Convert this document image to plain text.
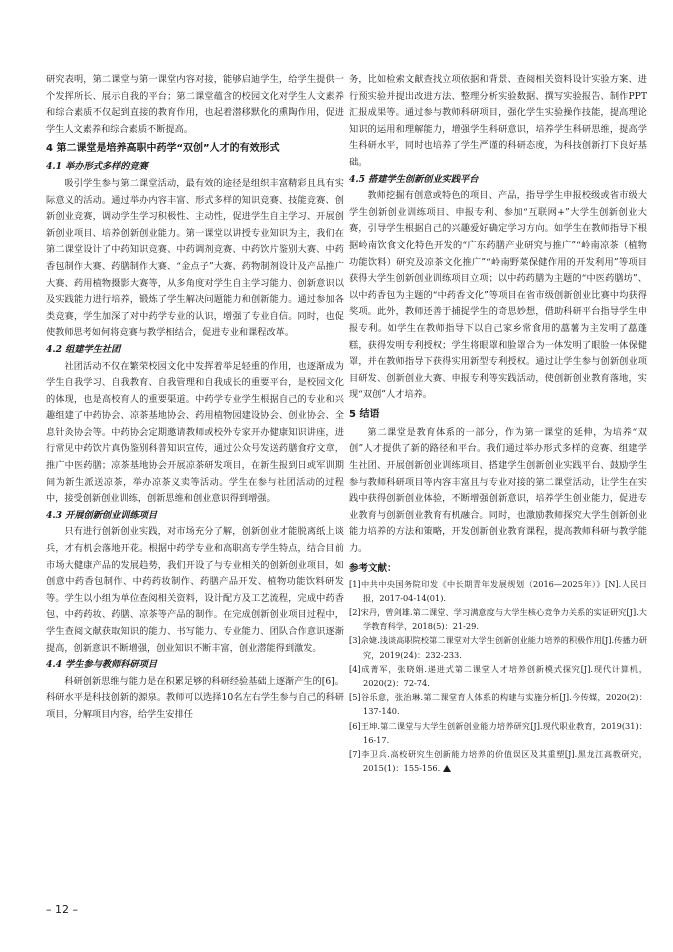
研究表明，第二课堂与第一课堂内容对接，能够启迪学生，给学生提供一个发挥所长、展示自我的平台；第二课堂蕴含的校园文化对学生人文素养和综合素质不仅起到直接的教育作用，也起着潜移默化的熏陶作用，促进学生人文素养和综合素质不断提高。

4 第二课堂是培养高职中药学“双创”人才的有效形式
4.1 举办形式多样的竞赛

吸引学生参与第二课堂活动，最有效的途径是组织丰富精彩且具有实际意义的活动。通过举办内容丰富、形式多样的知识竞赛、技能竞赛、创新创业竞赛，调动学生学习积极性、主动性，促进学生自主学习、开展创新创业项目、培养创新创业能力。第一课堂以讲授专业知识为主，我们在第二课堂设计了中药知识竞赛、中药调剂竞赛、中药饮片鉴别大赛、中药香包制作大赛、药膳制作大赛、“金点子”大赛、药物制剂设计及产品推广大赛、药用植物摄影大赛等，从多角度对学生自主学习能力、创新意识以及实践能力进行培养，锻炼了学生解决问题能力和创新能力。通过参加各类竞赛，学生加深了对中药学专业的认识，增强了专业自信。同时，也促使教师思考如何将竞赛与教学相结合，促进专业和课程改革。

4.2 组建学生社团

社团活动不仅在繁荣校园文化中发挥着举足轻重的作用，也逐渐成为学生自我学习、自我教育、自我管理和自我成长的重要平台，是校园文化的体现，也是高校育人的重要渠道。中药学专业学生根据自己的专业和兴趣组建了中药协会、凉茶基地协会、药用植物园建设协会、创业协会、全息针灸协会等。中药协会定期邀请教师或校外专家开办健康知识讲座，进行常见中药饮片真伪鉴别科普知识宣传，通过公众号发送药膳食疗文章，推广中医药膳；凉茶基地协会开展凉茶研发项目，在新生报到日或军训期间为新生派送凉茶，举办凉茶义卖等活动。学生在参与社团活动的过程中，接受创新创业训练，创新思维和创业意识得到增强。

4.3 开展创新创业训练项目

只有进行创新创业实践，对市场充分了解，创新创业才能脱离纸上谈兵，才有机会落地开花。根据中药学专业和高职高专学生特点，结合目前市场大健康产品的发展趋势，我们开设了与专业相关的创新创业项目，如创意中药香包制作、中药药妆制作、药膳产品开发、植物功能饮料研发等。学生以小组为单位查阅相关资料，设计配方及工艺流程，完成中药香包、中药药妆、药膳、凉茶等产品的制作。在完成创新创业项目过程中，学生查阅文献获取知识的能力、书写能力、专业能力、团队合作意识逐渐提高，创新意识不断增强，创业知识不断丰富，创业潜能得到激发。

4.4 学生参与教师科研项目

科研创新思维与能力是在积累足够的科研经验基础上逐渐产生的[6]。科研水平是科技创新的源泉。教师可以选择10名左右学生参与自己的科研项目，分解项目内容，给学生安排任

务，比如检索文献查找立项依据和背景、查阅相关资料设计实验方案、进行预实验并提出改进方法、整理分析实验数据、撰写实验报告、制作PPT汇报成果等。通过参与教师科研项目，强化学生实验操作技能，提高理论知识的运用和理解能力，增强学生科研意识，培养学生科研思维，提高学生科研水平，同时也培养了学生严谨的科研态度，为科技创新打下良好基础。

4.5 搭建学生创新创业实践平台

教师挖掘有创意或特色的项目、产品，指导学生申报校级或省市级大学生创新创业训练项目、申报专利、参加“互联网+”大学生创新创业大赛，引导学生根据自己的兴趣爱好确定学习方向。如学生在教师指导下根据岭南饮食文化特色开发的“广东药膳产业研究与推广”“岭南凉茶（植物功能饮料）研究及凉茶文化推广”“岭南野菜保健作用的开发利用”等项目获得大学生创新创业训练项目立项；以中药药膳为主题的“中医药膳坊”、以中药香包为主题的“中药香文化”等项目在省市级创新创业比赛中均获得奖项。此外，教师还善于捕捉学生的奇思妙想，借助科研平台指导学生申报专利。如学生在教师指导下以自己家乡常食用的藠薯为主发明了藠蓬糕，获得发明专利授权；学生将眼罩和脸罩合为一体发明了眼脸一体保健罩，并在教师指导下获得实用新型专利授权。通过让学生参与创新创业项目研发、创新创业大赛、申报专利等实践活动，使创新创业教育落地，实现“双创”人才培养。

5 结语

第二课堂是教育体系的一部分，作为第一课堂的延伸，为培养“双创”人才提供了新的路径和平台。我们通过举办形式多样的竞赛、组建学生社团、开展创新创业训练项目、搭建学生创新创业实践平台、鼓励学生参与教师科研项目等内容丰富且与专业对接的第二课堂活动，让学生在实践中获得创新创业体验，不断增强创新意识，培养学生创业能力，促进专业教育与创新创业教育有机融合。同时，也激励教师探究大学生创新创业能力培养的方法和策略，开发创新创业教育课程，提高教师科研与教学能力。

参考文献：

[1]中共中央国务院印发《中长期青年发展规划（2016—2025年）》[N].人民日报，2017-04-14(01).

[2]宋丹，曾剑雄.第二课堂、学习满意度与大学生核心竞争力关系的实证研究[J].大学教育科学，2018(5)：21-29.

[3]佘婕.浅谈高职院校第二课堂对大学生创新创业能力培养的积极作用[J].传播力研究，2019(24)：232-233.

[4]成菁军，张晓娟.递进式第二课堂人才培养创新模式探究[J].现代计算机，2020(2)：72-74.

[5]谷乐意，张治琳.第二课堂育人体系的构建与实施分析[J].今传媒，2020(2)：137-140.

[6]王坤.第二课堂与大学生创新创业能力培养研究[J].现代职业教育，2019(31)：16-17.

[7]李卫兵.高校研究生创新能力培养的价值误区及其重塑[J].黑龙江高教研究，2015(1)：155-156.

– 12 –
